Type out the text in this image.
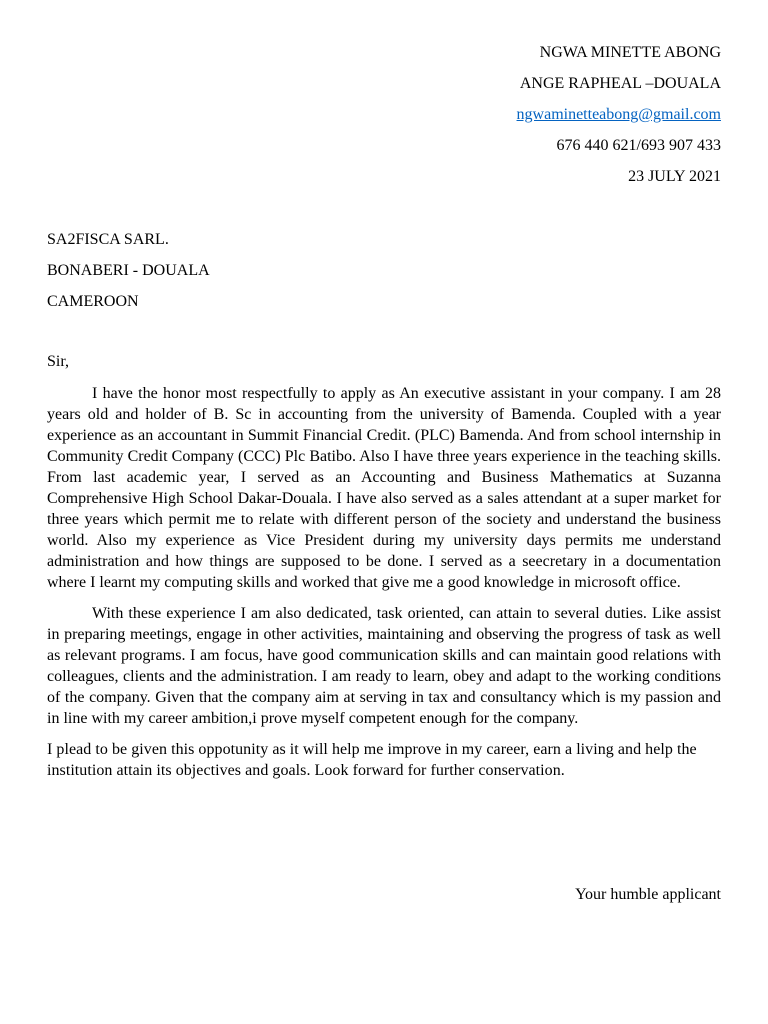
NGWA MINETTE ABONG
ANGE RAPHEAL –DOUALA
ngwaminetteabong@gmail.com
676 440 621/693 907 433
23 JULY 2021
SA2FISCA SARL.
BONABERI - DOUALA
CAMEROON
Sir,

I have the honor most respectfully to apply as An executive assistant in your company. I am 28 years old and holder of B. Sc in accounting from the university of Bamenda. Coupled with a year experience as an accountant in Summit Financial Credit. (PLC) Bamenda. And from school internship in Community Credit Company (CCC) Plc Batibo. Also I have three years experience in the teaching skills. From last academic year, I served as an Accounting and Business Mathematics at Suzanna Comprehensive High School Dakar-Douala. I have also served as a sales attendant at a super market for three years which permit me to relate with different person of the society and understand the business world. Also my experience as Vice President during my university days permits me understand administration and how things are supposed to be done. I served as a seecretary in a documentation where I learnt my computing skills and worked that give me a good knowledge in microsoft office.

With these experience I am also dedicated, task oriented, can attain to several duties. Like assist in preparing meetings, engage in other activities, maintaining and observing the progress of task as well as relevant programs. I am focus, have good communication skills and can maintain good relations with colleagues, clients and the administration. I am ready to learn, obey and adapt to the working conditions of the company. Given that the company aim at serving in tax and consultancy which is my passion and in line with my career ambition,i prove myself competent enough for the company.

I plead to be given this oppotunity as it will help me improve in my career, earn a living and help the institution attain its objectives and goals. Look forward for further conservation.

Your humble applicant
